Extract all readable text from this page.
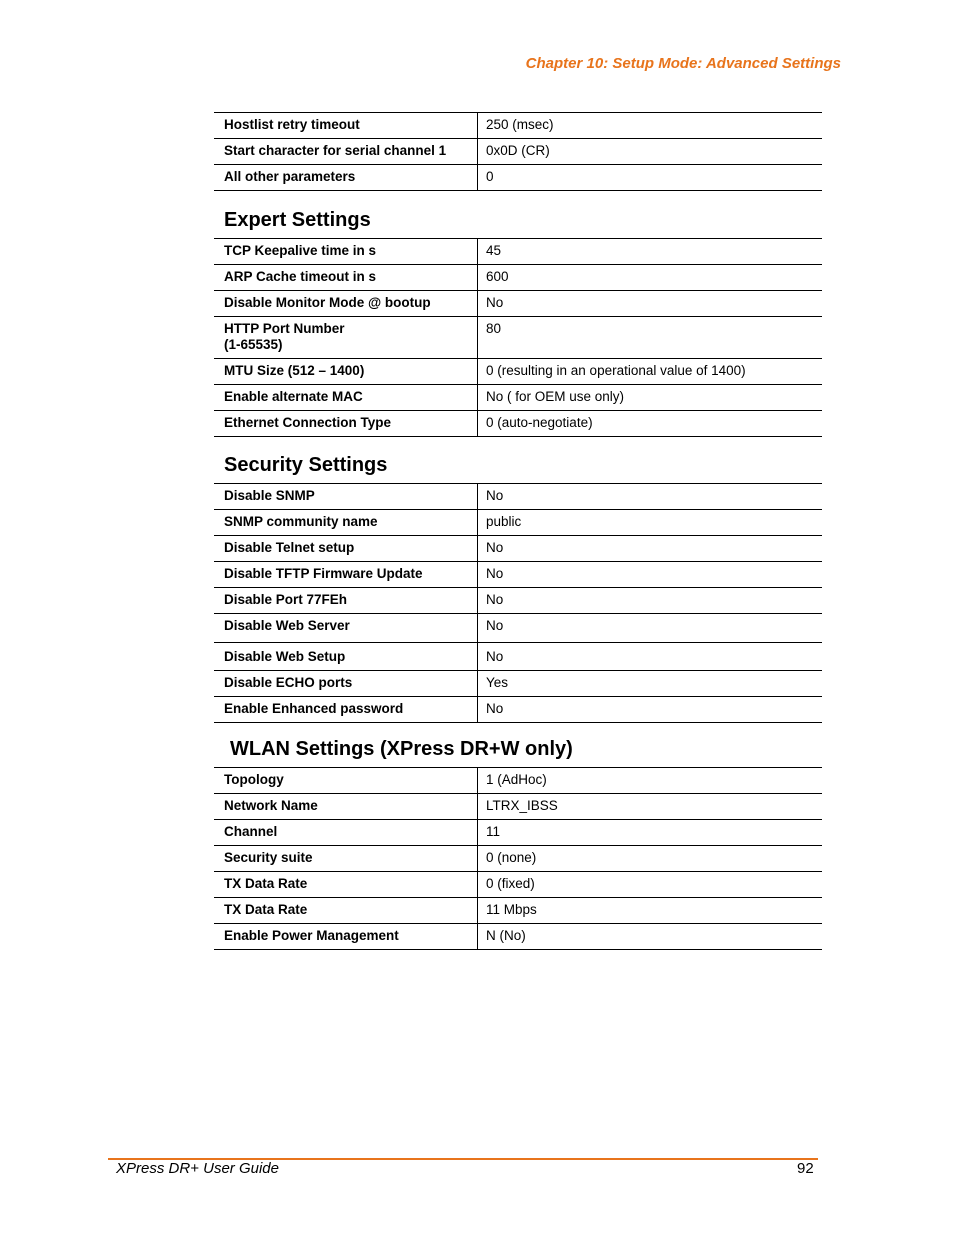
Chapter 10: Setup Mode: Advanced Settings
Hostlist retry timeout	250 (msec)
Start character for serial channel 1	0x0D (CR)
All other parameters	0
Expert Settings
TCP Keepalive time in s	45
ARP Cache timeout in s	600
Disable Monitor Mode @ bootup	No
HTTP Port Number
(1-65535)	80
MTU Size (512 – 1400)	0 (resulting in an operational value of 1400)
Enable alternate MAC	No ( for OEM use only)
Ethernet Connection Type	0 (auto-negotiate)
Security Settings
Disable SNMP	No
SNMP community name	public
Disable Telnet setup	No
Disable TFTP Firmware Update	No
Disable Port 77FEh	No
Disable Web Server	No
Disable Web Setup	No
Disable ECHO ports	Yes
Enable Enhanced password	No
WLAN Settings (XPress DR+W only)
Topology	1 (AdHoc)
Network Name	LTRX_IBSS
Channel	11
Security suite	0 (none)
TX Data Rate	0 (fixed)
TX Data Rate	11 Mbps
Enable Power Management	N (No)
XPress DR+ User Guide	92
